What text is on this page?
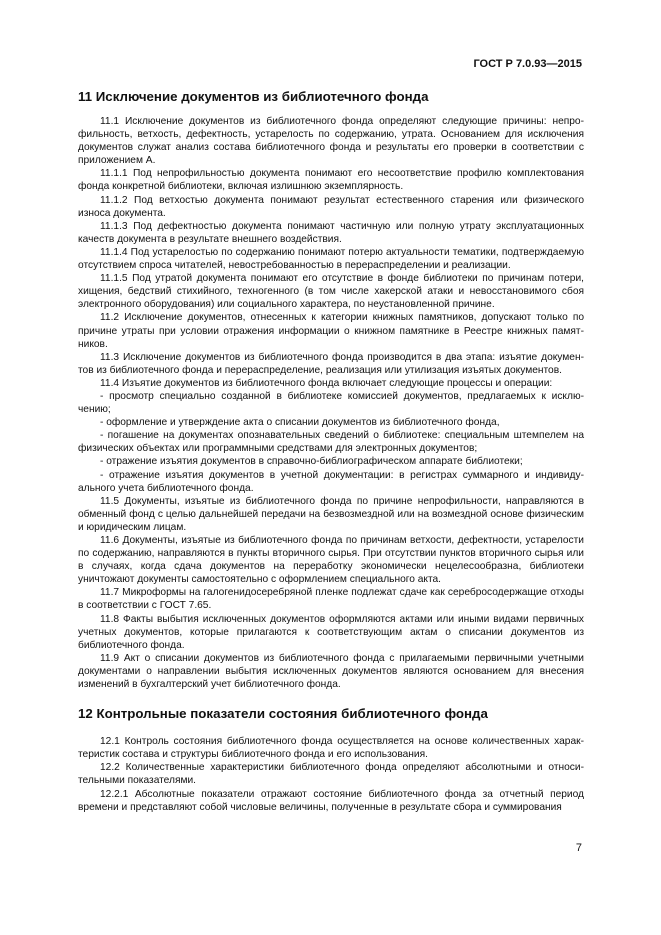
ГОСТ Р 7.0.93—2015
11 Исключение документов из библиотечного фонда

11.1 Исключение документов из библиотечного фонда определяют следующие причины: непрофильность, ветхость, дефектность, устарелость по содержанию, утрата. Основанием для исключения документов служат анализ состава библиотечного фонда и результаты его проверки в соответствии с приложением А.

11.1.1 Под непрофильностью документа понимают его несоответствие профилю комплектования фонда конкретной библиотеки, включая излишнюю экземплярность.

11.1.2 Под ветхостью документа понимают результат естественного старения или физического износа документа.

11.1.3 Под дефектностью документа понимают частичную или полную утрату эксплуатационных качеств документа в результате внешнего воздействия.

11.1.4 Под устарелостью по содержанию понимают потерю актуальности тематики, подтверждаемую отсутствием спроса читателей, невостребованностью в перераспределении и реализации.

11.1.5 Под утратой документа понимают его отсутствие в фонде библиотеки по причинам потери, хищения, бедствий стихийного, техногенного (в том числе хакерской атаки и невосстановимого сбоя электронного оборудования) или социального характера, по неустановленной причине.

11.2 Исключение документов, отнесенных к категории книжных памятников, допускают только по причине утраты при условии отражения информации о книжном памятнике в Реестре книжных памятников.

11.3 Исключение документов из библиотечного фонда производится в два этапа: изъятие документов из библиотечного фонда и перераспределение, реализация или утилизация изъятых документов.

11.4 Изъятие документов из библиотечного фонда включает следующие процессы и операции:

- просмотр специально созданной в библиотеке комиссией документов, предлагаемых к исключению;

- оформление и утверждение акта о списании документов из библиотечного фонда,

- погашение на документах опознавательных сведений о библиотеке: специальным штемпелем на физических объектах или программными средствами для электронных документов;

- отражение изъятия документов в справочно-библиографическом аппарате библиотеки;

- отражение изъятия документов в учетной документации: в регистрах суммарного и индивидуального учета библиотечного фонда.

11.5 Документы, изъятые из библиотечного фонда по причине непрофильности, направляются в обменный фонд с целью дальнейшей передачи на безвозмездной или на возмездной основе физическим и юридическим лицам.

11.6 Документы, изъятые из библиотечного фонда по причинам ветхости, дефектности, устарелости по содержанию, направляются в пункты вторичного сырья. При отсутствии пунктов вторичного сырья или в случаях, когда сдача документов на переработку экономически нецелесообразна, библиотеки уничтожают документы самостоятельно с оформлением специального акта.

11.7 Микроформы на галогенидосеребряной пленке подлежат сдаче как серебросодержащие отходы в соответствии с ГОСТ 7.65.

11.8 Факты выбытия исключенных документов оформляются актами или иными видами первичных учетных документов, которые прилагаются к соответствующим актам о списании документов из библиотечного фонда.

11.9 Акт о списании документов из библиотечного фонда с прилагаемыми первичными учетными документами о направлении выбытия исключенных документов являются основанием для внесения изменений в бухгалтерский учет библиотечного фонда.

12 Контрольные показатели состояния библиотечного фонда

12.1 Контроль состояния библиотечного фонда осуществляется на основе количественных характеристик состава и структуры библиотечного фонда и его использования.

12.2 Количественные характеристики библиотечного фонда определяют абсолютными и относительными показателями.

12.2.1 Абсолютные показатели отражают состояние библиотечного фонда за отчетный период времени и представляют собой числовые величины, полученные в результате сбора и суммирования

7
